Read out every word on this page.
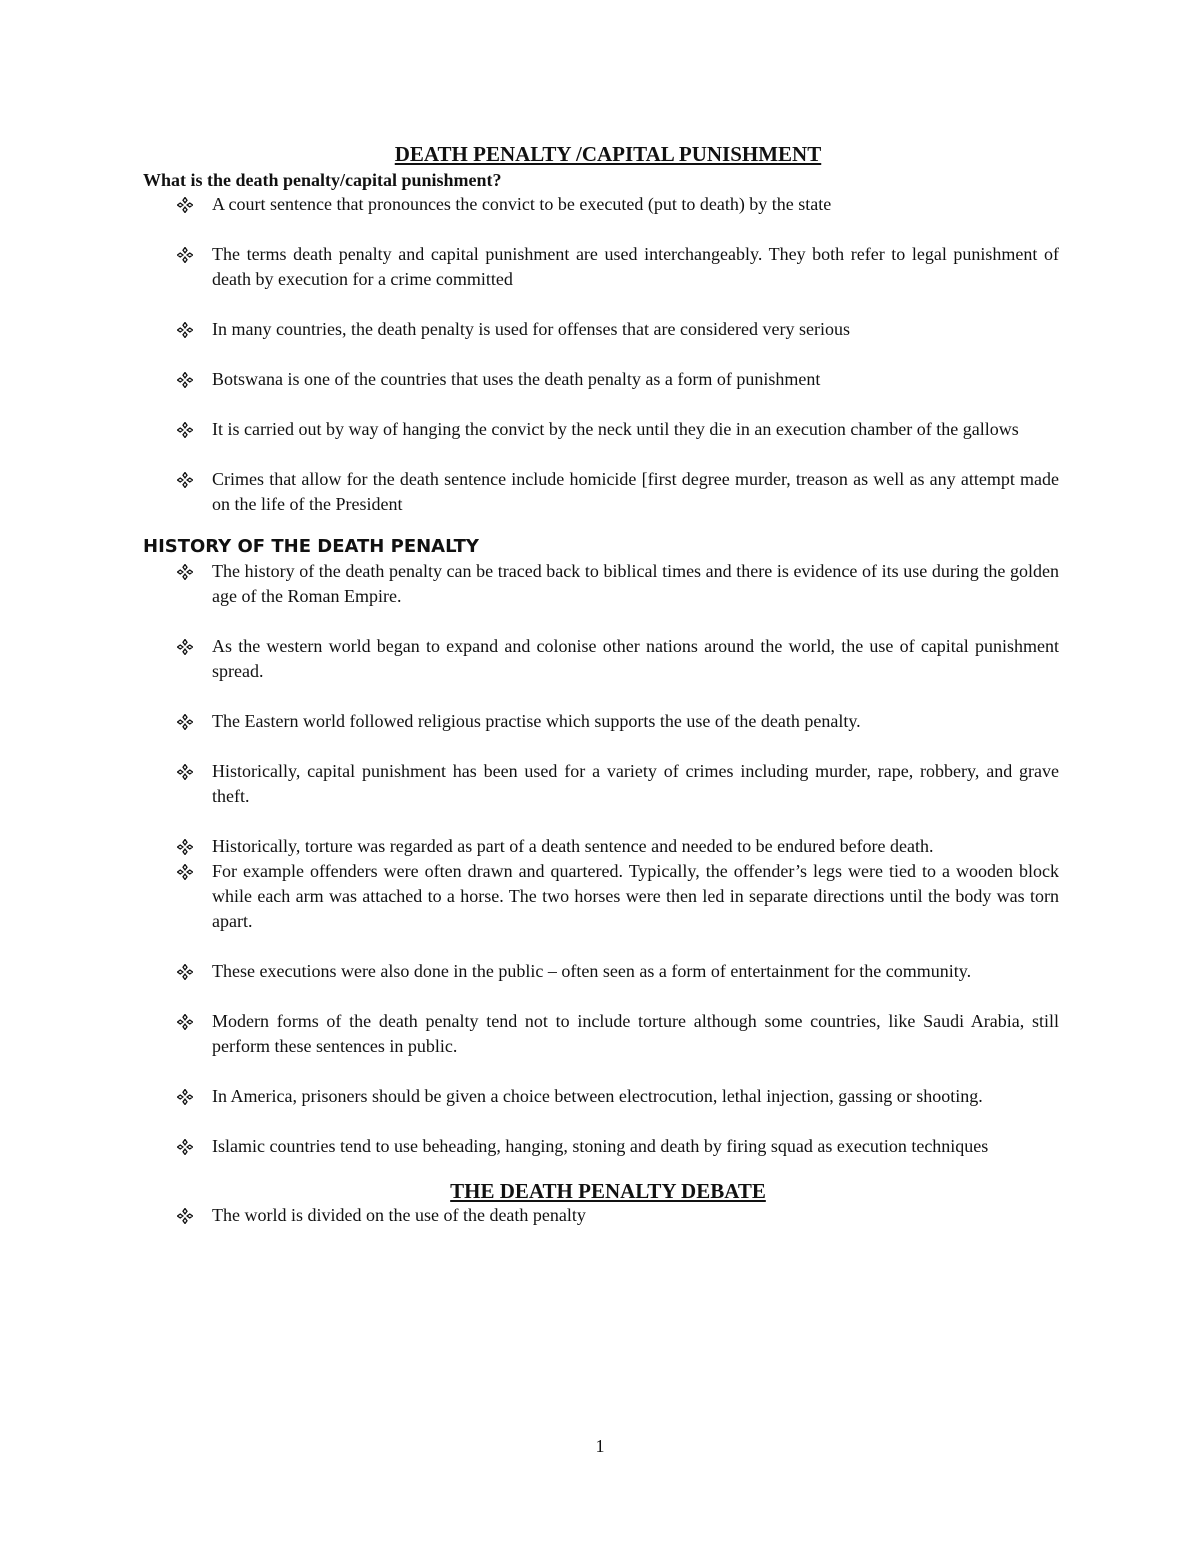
DEATH PENALTY /CAPITAL PUNISHMENT

What is the death penalty/capital punishment?

A court sentence that pronounces the convict to be executed (put to death) by the state
The terms death penalty and capital punishment are used interchangeably. They both refer to legal punishment of death by execution for a crime committed
In many countries, the death penalty is used for offenses that are considered very serious
Botswana is one of the countries that uses the death penalty as a form of punishment
It is carried out by way of hanging the convict by the neck until they die in an execution chamber of the gallows
Crimes that allow for the death sentence include homicide [first degree murder, treason as well as any attempt made on the life of the President
HISTORY OF THE DEATH PENALTY
The history of the death penalty can be traced back to biblical times and there is evidence of its use during the golden age of the Roman Empire.
As the western world began to expand and colonise other nations around the world, the use of capital punishment spread.
The Eastern world followed religious practise which supports the use of the death penalty.
Historically, capital punishment has been used for a variety of crimes including murder, rape, robbery, and grave theft.
Historically, torture was regarded as part of a death sentence and needed to be endured before death.
For example offenders were often drawn and quartered. Typically, the offender’s legs were tied to a wooden block while each arm was attached to a horse. The two horses were then led in separate directions until the body was torn apart.
These executions were also done in the public – often seen as a form of entertainment for the community.
Modern forms of the death penalty tend not to include torture although some countries, like Saudi Arabia, still perform these sentences in public.
In America, prisoners should be given a choice between electrocution, lethal injection, gassing or shooting.
Islamic countries tend to use beheading, hanging, stoning and death by firing squad as execution techniques
THE DEATH PENALTY DEBATE
The world is divided on the use of the death penalty
1
